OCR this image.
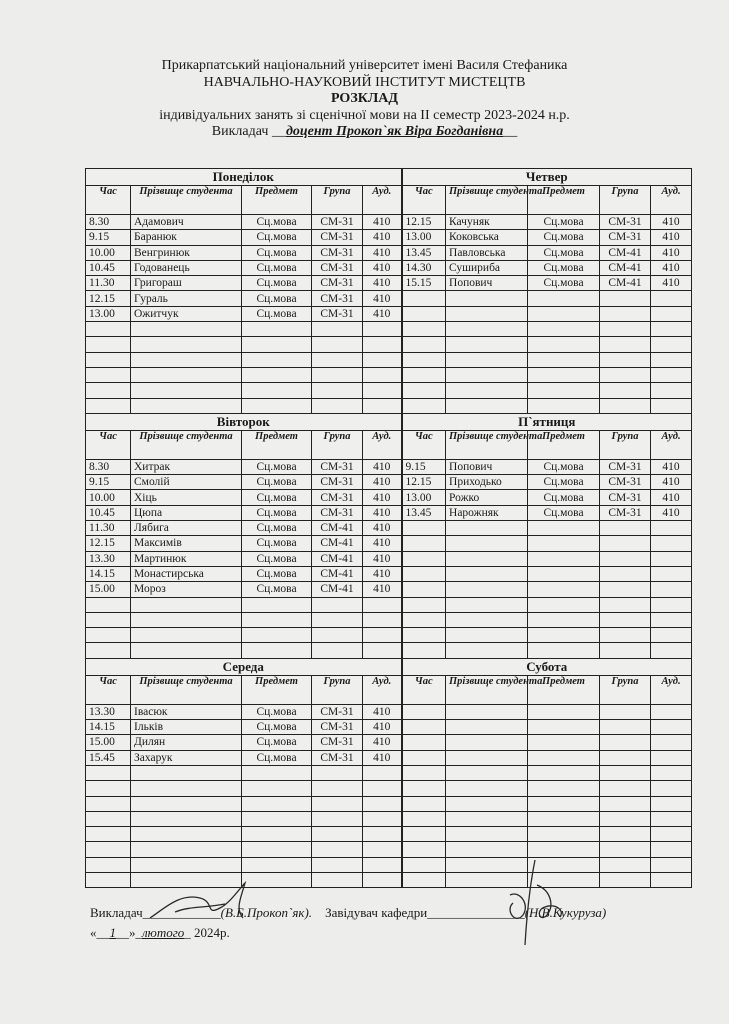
Прикарпатський національний університет імені Василя Стефаника
НАВЧАЛЬНО-НАУКОВИЙ ІНСТИТУТ МИСТЕЦТВ
РОЗКЛАД
індивідуальних занять зі сценічної мови на ІІ семестр 2023-2024 н.р.
Викладач __доцент Прокоп`як Віра Богданівна__
Понеділок					Четвер				
Час	Прізвище студента	Предмет	Група	Ауд.	Час	Прізвище студента	Предмет	Група	Ауд.
8.30	Адамович	Сц.мова	СМ-31	410	12.15	Качуняк	Сц.мова	СМ-31	410
9.15	Баранюк	Сц.мова	СМ-31	410	13.00	Коковська	Сц.мова	СМ-31	410
10.00	Венгринюк	Сц.мова	СМ-31	410	13.45	Павловська	Сц.мова	СМ-41	410
10.45	Годованець	Сц.мова	СМ-31	410	14.30	Сушириба	Сц.мова	СМ-41	410
11.30	Григораш	Сц.мова	СМ-31	410	15.15	Попович	Сц.мова	СМ-41	410
12.15	Гураль	Сц.мова	СМ-31	410					
13.00	Ожитчук	Сц.мова	СМ-31	410					

Вівторок					П`ятниця				
Час	Прізвище студента	Предмет	Група	Ауд.	Час	Прізвище студента	Предмет	Група	Ауд.
8.30	Хитрак	Сц.мова	СМ-31	410	9.15	Попович	Сц.мова	СМ-31	410
9.15	Смолій	Сц.мова	СМ-31	410	12.15	Приходько	Сц.мова	СМ-31	410
10.00	Хіць	Сц.мова	СМ-31	410	13.00	Рожко	Сц.мова	СМ-31	410
10.45	Цюпа	Сц.мова	СМ-31	410	13.45	Нарожняк	Сц.мова	СМ-31	410
11.30	Лябига	Сц.мова	СМ-41	410					
12.15	Максимів	Сц.мова	СМ-41	410					
13.30	Мартинюк	Сц.мова	СМ-41	410					
14.15	Монастирська	Сц.мова	СМ-41	410					
15.00	Мороз	Сц.мова	СМ-41	410					

Середа					Субота				
Час	Прізвище студента	Предмет	Група	Ауд.	Час	Прізвище студента	Предмет	Група	Ауд.
13.30	Івасюк	Сц.мова	СМ-31	410					
14.15	Ільків	Сц.мова	СМ-31	410					
15.00	Дилян	Сц.мова	СМ-31	410					
15.45	Захарук	Сц.мова	СМ-31	410					

Викладач____________(В.Б.Прокоп`як). Завідувач кафедри_______________(Н.В.Кукуруза)
«__1__»_лютого_ 2024р.
